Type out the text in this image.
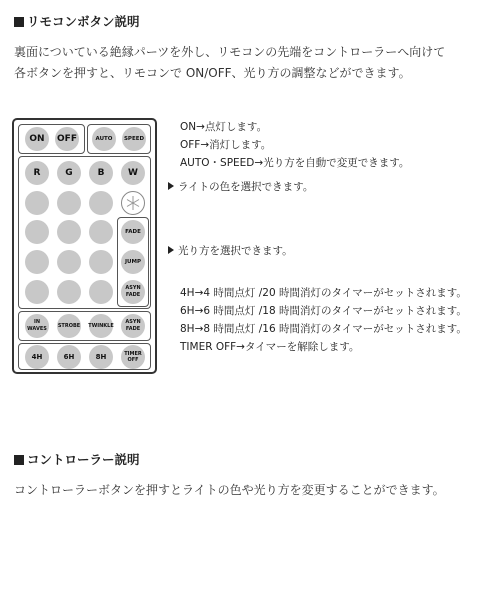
リモコンボタン説明
裏面についている絶縁パーツを外し、リモコンの先端をコントローラーへ向けて
各ボタンを押すと、リモコンで ON/OFF、光り方の調整などができます。
ON	OFF	AUTO	SPEED
R	G	B	W
FADE
JUMP
ASYN
FADE
IN
WAVES
STROBE TWINKLE
ASYN
FADE
4H	6H	8H	TIMER OFF
ON→点灯します。
OFF→消灯します。
AUTO・SPEED→光り方を自動で変更できます。
ライトの色を選択できます。
光り方を選択できます。
4H→4 時間点灯 /20 時間消灯のタイマーがセットされます。
6H→6 時間点灯 /18 時間消灯のタイマーがセットされます。
8H→8 時間点灯 /16 時間消灯のタイマーがセットされます。
TIMER OFF→タイマーを解除します。
コントローラー説明
コントローラーボタンを押すとライトの色や光り方を変更することができます。
